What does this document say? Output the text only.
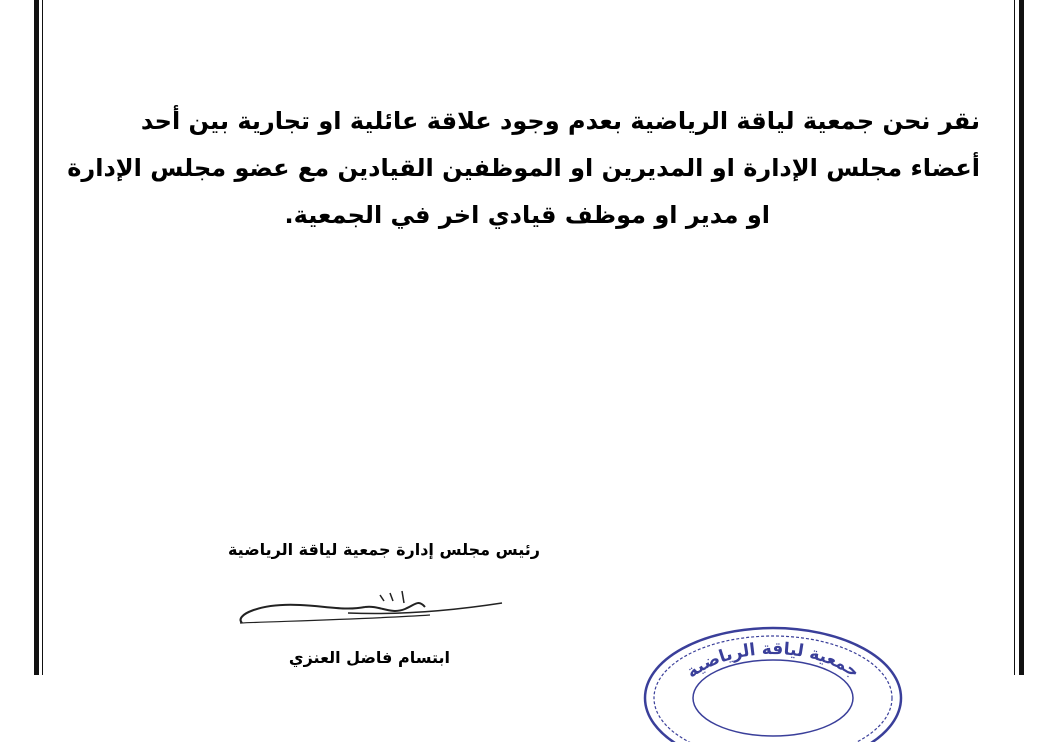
نقر نحن جمعية لياقة الرياضية بعدم وجود علاقة عائلية او تجارية بين أحد
أعضاء مجلس الإدارة او المديرين او الموظفين القيادين مع عضو مجلس الإدارة
او مدير او موظف قيادي اخر في الجمعية.
رئيس مجلس إدارة جمعية لياقة الرياضية
ابتسام فاضل العنزي
جمعية لياقة الرياضية
